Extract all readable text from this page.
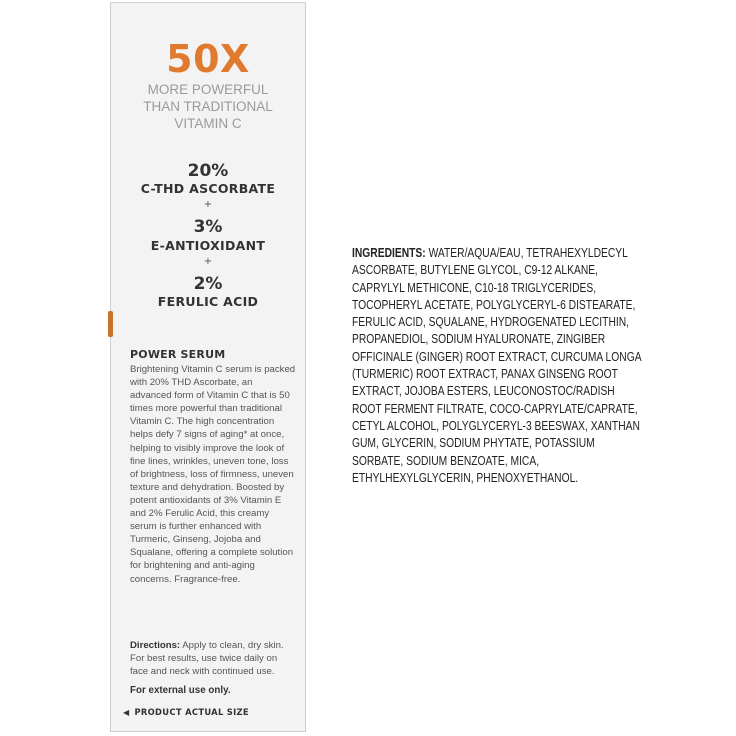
50X
MORE POWERFUL
THAN TRADITIONAL
VITAMIN C
20%
C-THD ASCORBATE
+
3%
E-ANTIOXIDANT
+
2%
FERULIC ACID
POWER SERUM
Brightening Vitamin C serum is packed with 20% THD Ascorbate, an advanced form of Vitamin C that is 50 times more powerful than traditional Vitamin C. The high concentration helps defy 7 signs of aging* at once, helping to visibly improve the look of fine lines, wrinkles, uneven tone, loss of brightness, loss of firmness, uneven texture and dehydration. Boosted by potent antioxidants of 3% Vitamin E and 2% Ferulic Acid, this creamy serum is further enhanced with Turmeric, Ginseng, Jojoba and Squalane, offering a complete solution for brightening and anti-aging concerns. Fragrance-free.
Directions: Apply to clean, dry skin. For best results, use twice daily on face and neck with continued use.
For external use only.
◀ PRODUCT ACTUAL SIZE
INGREDIENTS: WATER/AQUA/EAU, TETRAHEXYLDECYL ASCORBATE, BUTYLENE GLYCOL, C9-12 ALKANE, CAPRYLYL METHICONE, C10-18 TRIGLYCERIDES, TOCOPHERYL ACETATE, POLYGLYCERYL-6 DISTEARATE, FERULIC ACID, SQUALANE, HYDROGENATED LECITHIN, PROPANEDIOL, SODIUM HYALURONATE, ZINGIBER OFFICINALE (GINGER) ROOT EXTRACT, CURCUMA LONGA (TURMERIC) ROOT EXTRACT, PANAX GINSENG ROOT EXTRACT, JOJOBA ESTERS, LEUCONOSTOC/RADISH ROOT FERMENT FILTRATE, COCO-CAPRYLATE/CAPRATE, CETYL ALCOHOL, POLYGLYCERYL-3 BEESWAX, XANTHAN GUM, GLYCERIN, SODIUM PHYTATE, POTASSIUM SORBATE, SODIUM BENZOATE, MICA, ETHYLHEXYLGLYCERIN, PHENOXYETHANOL.
